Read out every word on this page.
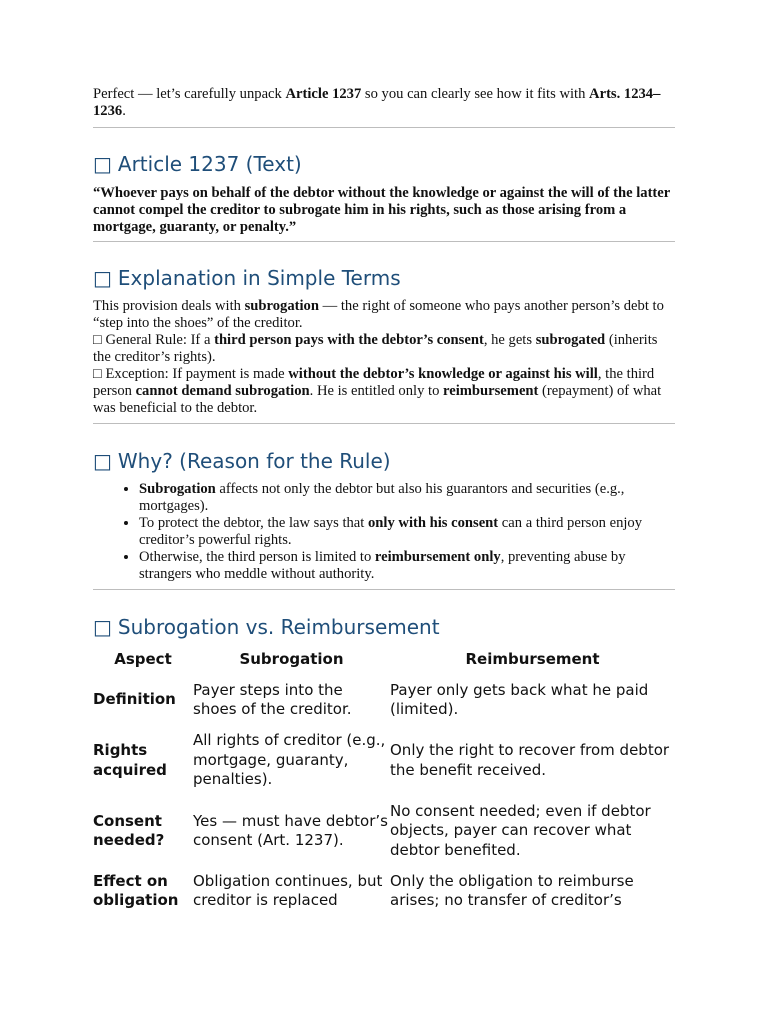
Perfect — let’s carefully unpack Article 1237 so you can clearly see how it fits with Arts. 1234–1236.

□ Article 1237 (Text)

“Whoever pays on behalf of the debtor without the knowledge or against the will of the latter cannot compel the creditor to subrogate him in his rights, such as those arising from a mortgage, guaranty, or penalty.”

□ Explanation in Simple Terms

This provision deals with subrogation — the right of someone who pays another person’s debt to “step into the shoes” of the creditor.

□ General Rule: If a third person pays with the debtor’s consent, he gets subrogated (inherits the creditor’s rights).

□ Exception: If payment is made without the debtor’s knowledge or against his will, the third person cannot demand subrogation. He is entitled only to reimbursement (repayment) of what was beneficial to the debtor.

□ Why? (Reason for the Rule)
• Subrogation affects not only the debtor but also his guarantors and securities (e.g., mortgages).
• To protect the debtor, the law says that only with his consent can a third person enjoy creditor’s powerful rights.
• Otherwise, the third person is limited to reimbursement only, preventing abuse by strangers who meddle without authority.
□ Subrogation vs. Reimbursement
Aspect	Subrogation	Reimbursement
Definition	Payer steps into the shoes of the creditor.	Payer only gets back what he paid (limited).
Rights acquired	All rights of creditor (e.g., mortgage, guaranty, penalties).	Only the right to recover from debtor the benefit received.
Consent needed?	Yes — must have debtor’s consent (Art. 1237).	No consent needed; even if debtor objects, payer can recover what debtor benefited.
Effect on obligation	Obligation continues, but creditor is replaced	Only the obligation to reimburse arises; no transfer of creditor’s
